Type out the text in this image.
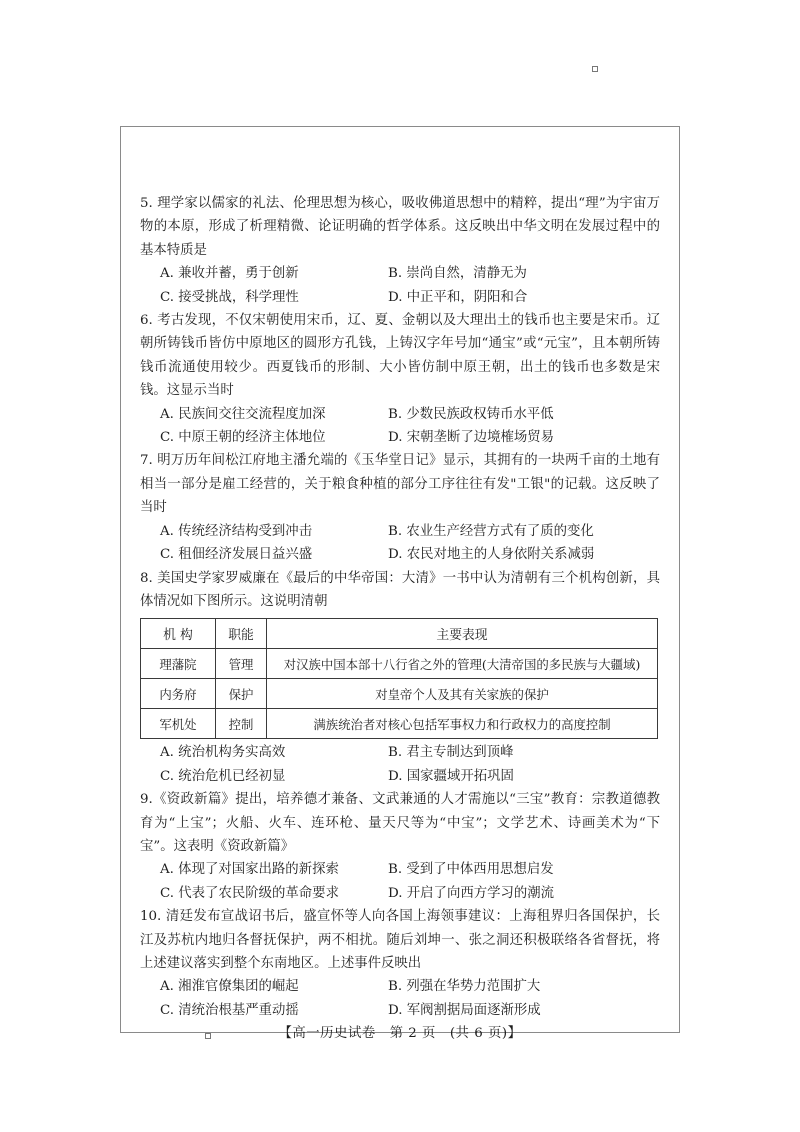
5. 理学家以儒家的礼法、伦理思想为核心，吸收佛道思想中的精粹，提出“理”为宇宙万物的本原，形成了析理精微、论证明确的哲学体系。这反映出中华文明在发展过程中的基本特质是

A. 兼收并蓄，勇于创新	B. 崇尚自然，清静无为
C. 接受挑战，科学理性	D. 中正平和，阴阳和合

6. 考古发现，不仅宋朝使用宋币，辽、夏、金朝以及大理出土的钱币也主要是宋币。辽朝所铸钱币皆仿中原地区的圆形方孔钱，上铸汉字年号加“通宝”或“元宝”，且本朝所铸钱币流通使用较少。西夏钱币的形制、大小皆仿制中原王朝，出土的钱币也多数是宋钱。这显示当时

A. 民族间交往交流程度加深	B. 少数民族政权铸币水平低
C. 中原王朝的经济主体地位	D. 宋朝垄断了边境榷场贸易

7. 明万历年间松江府地主潘允端的《玉华堂日记》显示，其拥有的一块两千亩的土地有相当一部分是雇工经营的，关于粮食种植的部分工序往往有发"工银"的记载。这反映了当时

A. 传统经济结构受到冲击	B. 农业生产经营方式有了质的变化
C. 租佃经济发展日益兴盛	D. 农民对地主的人身依附关系减弱

8. 美国史学家罗威廉在《最后的中华帝国：大清》一书中认为清朝有三个机构创新，具体情况如下图所示。这说明清朝

机 构	职能	主要表现
理藩院	管理	对汉族中国本部十八行省之外的管理(大清帝国的多民族与大疆域)
内务府	保护	对皇帝个人及其有关家族的保护
军机处	控制	满族统治者对核心包括军事权力和行政权力的高度控制
A. 统治机构务实高效	B. 君主专制达到顶峰
C. 统治危机已经初显	D. 国家疆域开拓巩固

9.《资政新篇》提出，培养德才兼备、文武兼通的人才需施以“三宝”教育：宗教道德教育为“上宝”；火船、火车、连环枪、量天尺等为“中宝”；文学艺术、诗画美术为“下宝”。这表明《资政新篇》

A. 体现了对国家出路的新探索	B. 受到了中体西用思想启发
C. 代表了农民阶级的革命要求	D. 开启了向西方学习的潮流

10. 清廷发布宣战诏书后，盛宣怀等人向各国上海领事建议：上海租界归各国保护，长江及苏杭内地归各督抚保护，两不相扰。随后刘坤一、张之洞还积极联络各省督抚，将上述建议落实到整个东南地区。上述事件反映出

A. 湘淮官僚集团的崛起	B. 列强在华势力范围扩大
C. 清统治根基严重动摇	D. 军阀割据局面逐渐形成
【高一历史试卷　第 2 页　(共 6 页)】
